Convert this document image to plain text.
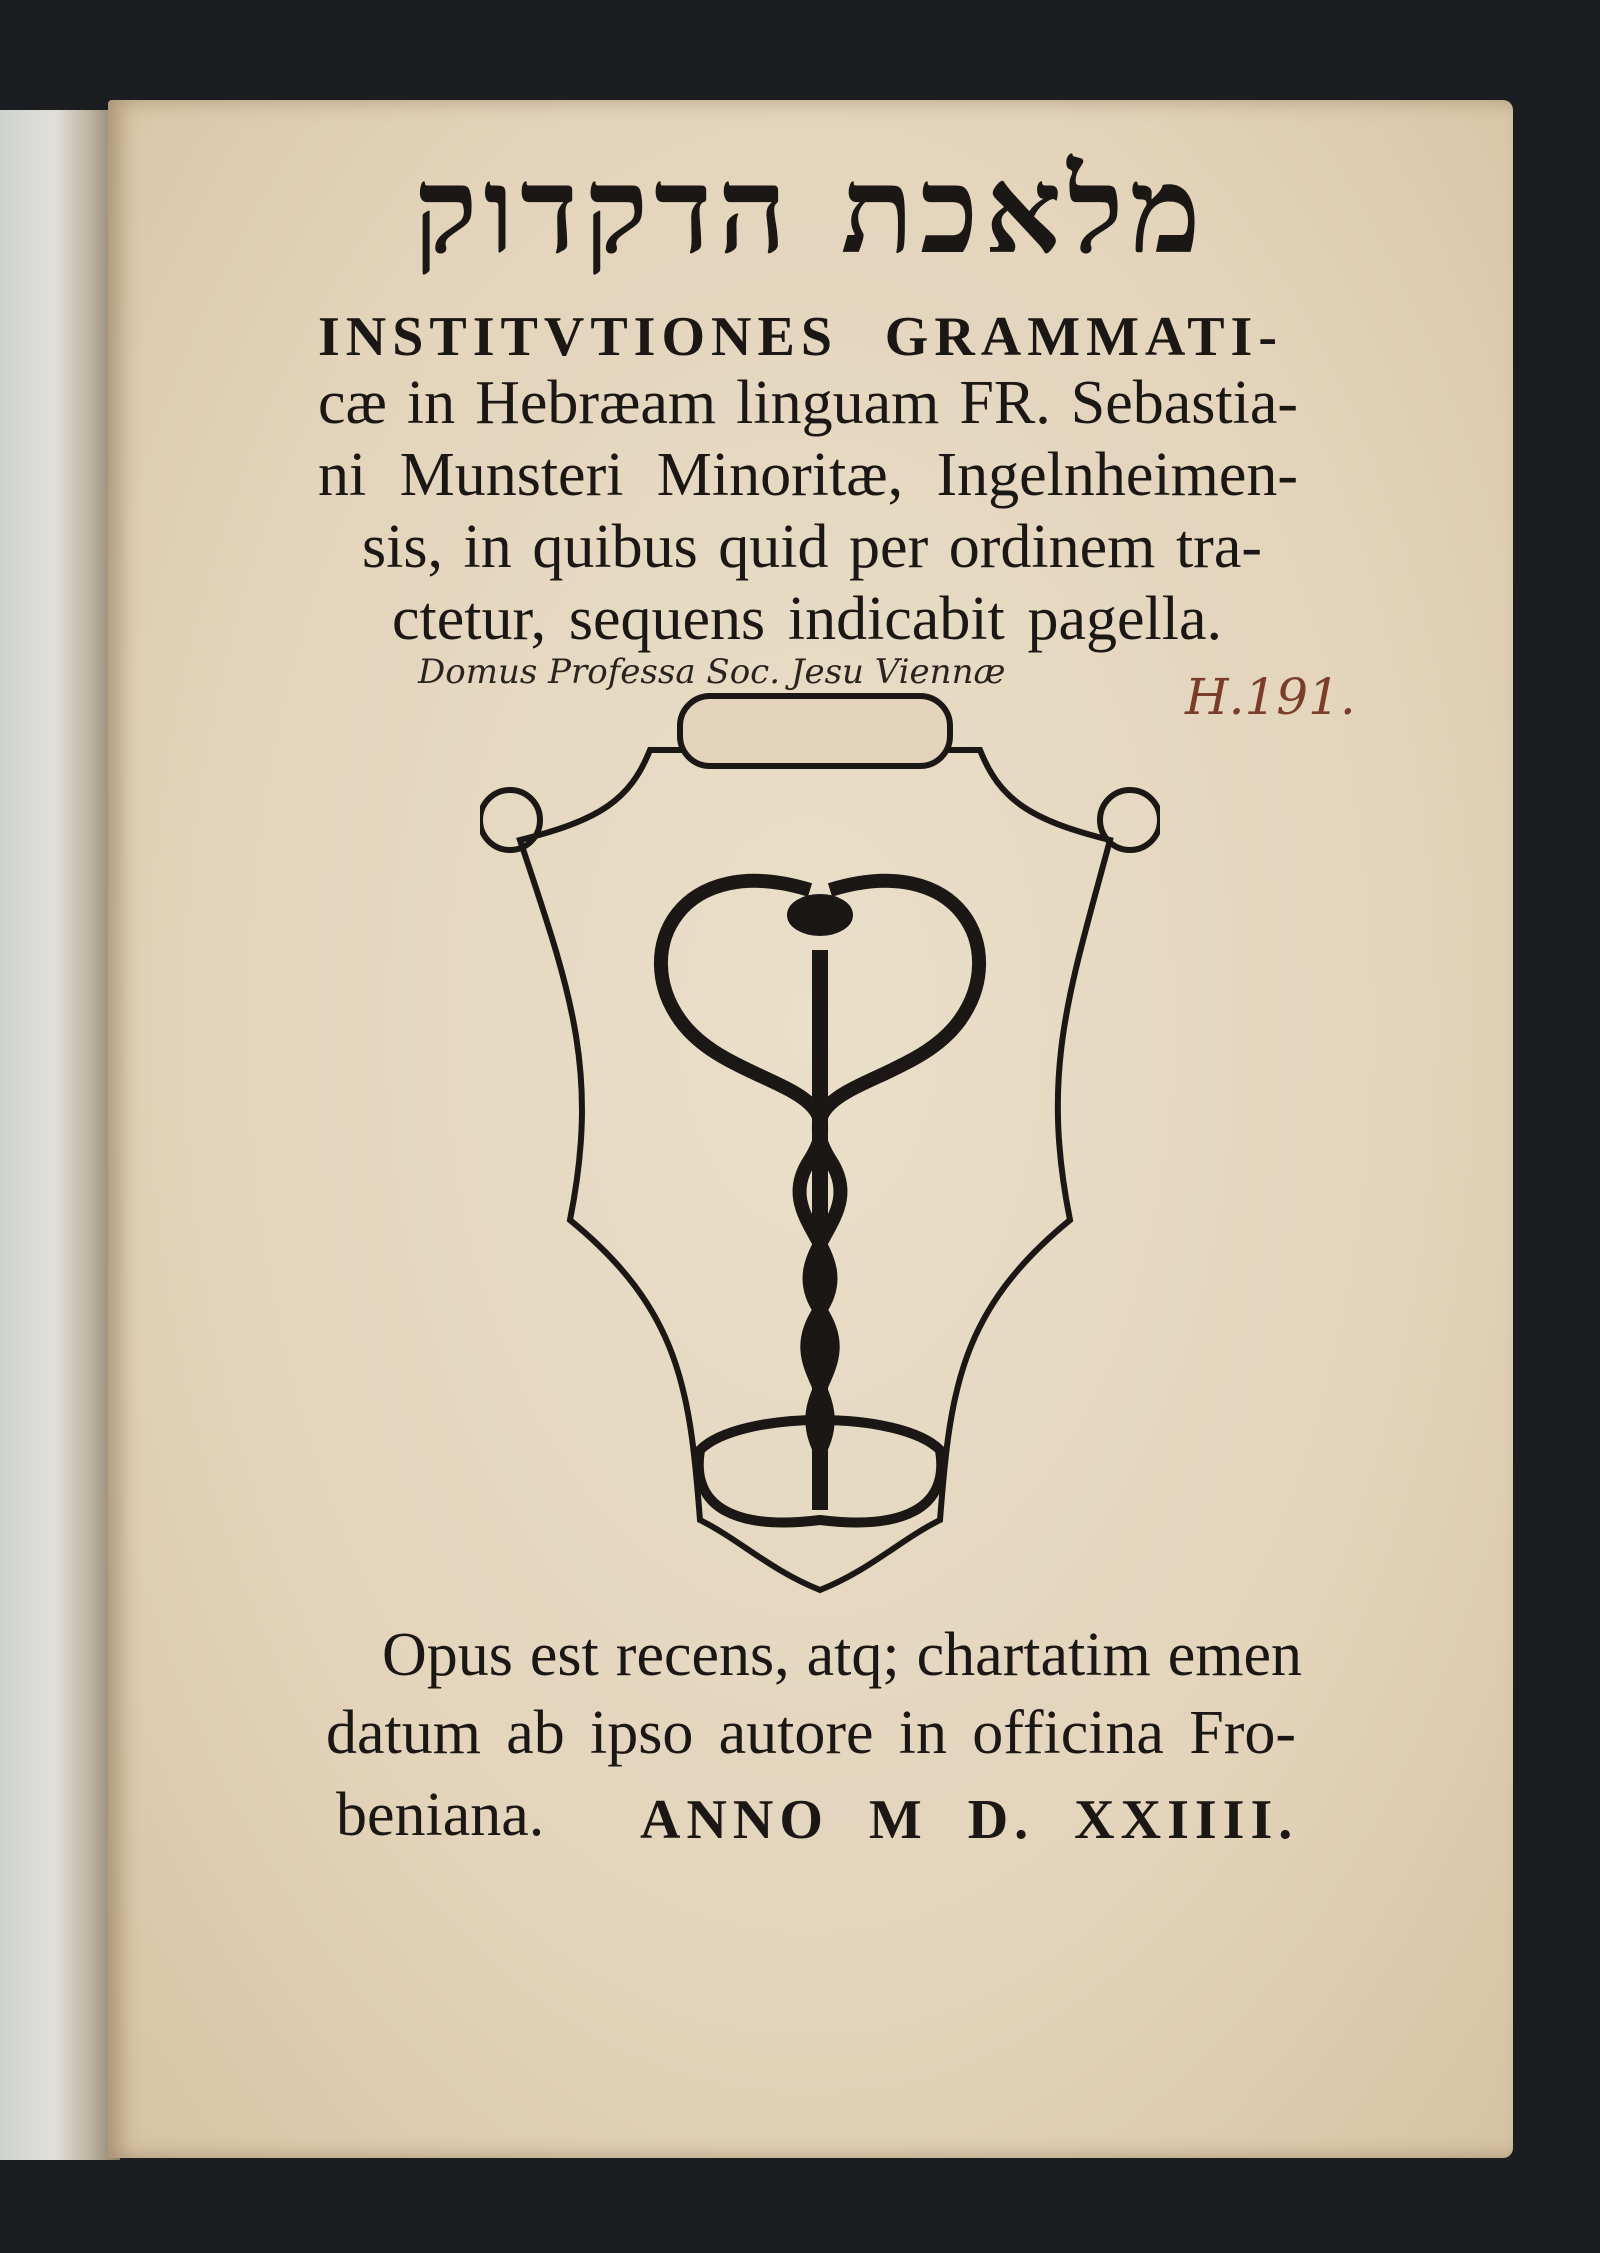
מלאכת הדקדוק
INSTITVTIONES GRAMMATI-
cæ in Hebræam linguam FR. Sebastia-
ni Munsteri Minoritæ, Ingelnheimen-
sis, in quibus quid per ordinem tra-
ctetur, sequens indicabit pagella.
Domus Professa Soc. Jesu Viennæ	H.191.
Opus est recens, atq; chartatim emen
datum ab ipso autore in officina Fro-
beniana. ANNO  M  D.  XXIIII.
